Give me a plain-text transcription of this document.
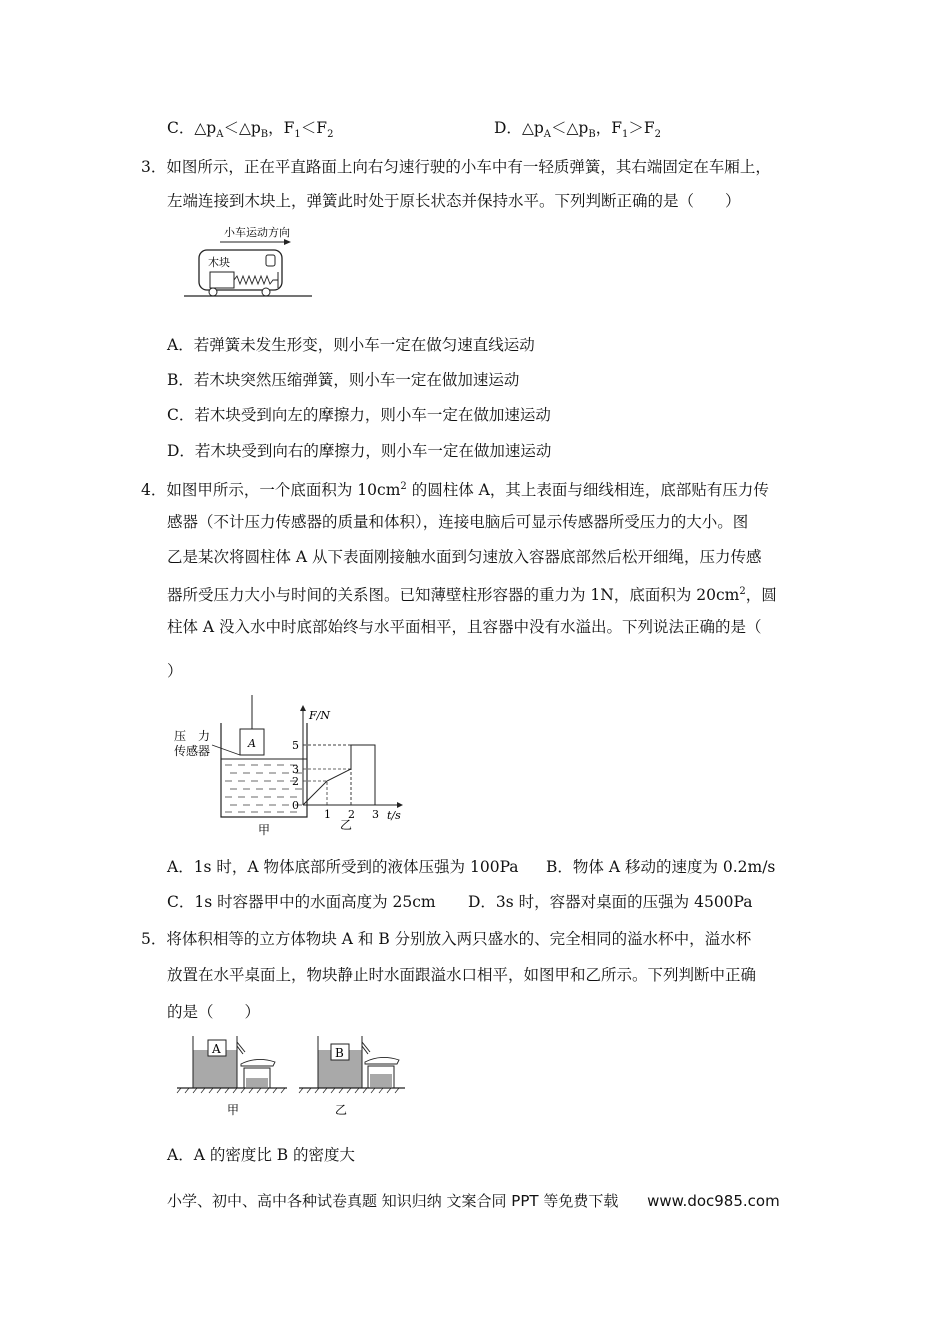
C．$\triangle p_A<\triangle p_B$，$F_1<F_2$	D．$\triangle p_A<\triangle p_B$，$F_1>F_2$
3．如图所示，正在平直路面上向右匀速行驶的小车中有一轻质弹簧，其右端固定在车厢上，
左端连接到木块上，弹簧此时处于原长状态并保持水平。下列判断正确的是（　　）
小车运动方向
木块
A．若弹簧未发生形变，则小车一定在做匀速直线运动
B．若木块突然压缩弹簧，则小车一定在做加速运动
C．若木块受到向左的摩擦力，则小车一定在做加速运动
D．若木块受到向右的摩擦力，则小车一定在做加速运动
4．如图甲所示，一个底面积为 $10cm^2$ 的圆柱体 A，其上表面与细线相连，底部贴有压力传
感器（不计压力传感器的质量和体积），连接电脑后可显示传感器所受压力的大小。图
乙是某次将圆柱体 A 从下表面刚接触水面到匀速放入容器底部然后松开细绳，压力传感
器所受压力大小与时间的关系图。已知薄壁柱形容器的重力为 1N，底面积为 $20cm^2$，圆
柱体 A 没入水中时底部始终与水平面相平，且容器中没有水溢出。下列说法正确的是（
）
压　力
传感器
A
甲
F/N
t/s
0
2
3
5
1 2 3
乙
A．1s 时，A 物体底部所受到的液体压强为 100Pa B．物体 A 移动的速度为 0.2m/s
C．1s 时容器甲中的水面高度为 25cm D．3s 时，容器对桌面的压强为 4500Pa
5．将体积相等的立方体物块 A 和 B 分别放入两只盛水的、完全相同的溢水杯中，溢水杯
放置在水平桌面上，物块静止时水面跟溢水口相平，如图甲和乙所示。下列判断中正确
的是（　　）
A
甲
B
乙
A．A 的密度比 B 的密度大
小学、初中、高中各种试卷真题 知识归纳 文案合同 PPT 等免费下载 www.doc985.com
